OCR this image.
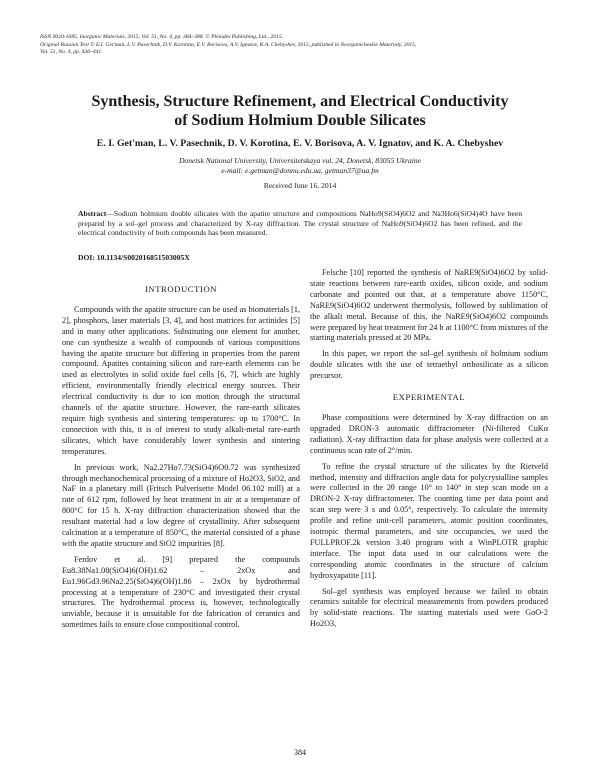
ISSN 0020-1685, Inorganic Materials, 2015, Vol. 51, No. 4, pp. 384–388. © Pleiades Publishing, Ltd., 2015.
Original Russian Text © E.I. Get'man, L.V. Pasechnik, D.V. Korotina, E.V. Borisova, A.V. Ignatov, K.A. Chebyshev, 2015, published in Neorganicheskie Materialy, 2015,
Vol. 51, No. 4, pp. 436–441.
Synthesis, Structure Refinement, and Electrical Conductivity
of Sodium Holmium Double Silicates
E. I. Get'man, L. V. Pasechnik, D. V. Korotina, E. V. Borisova, A. V. Ignatov, and K. A. Chebyshev
Donetsk National University, Universitetskaya vul. 24, Donetsk, 83055 Ukraine
e-mail: e.getman@donnu.edu.ua, getman37@ua.fm
Received June 16, 2014
Abstract—Sodium holmium double silicates with the apatite structure and compositions NaHo9(SiO4)6O2 and Na3Ho6(SiO4)4O have been prepared by a sol–gel process and characterized by X-ray diffraction. The crystal structure of NaHo9(SiO4)6O2 has been refined, and the electrical conductivity of both compounds has been measured.
DOI: 10.1134/S002016851503005X
INTRODUCTION

Compounds with the apatite structure can be used as biomaterials [1, 2], phosphors, laser materials [3, 4], and host matrices for actinides [5] and in many other applications. Substituting one element for another, one can synthesize a wealth of compounds of various compositions having the apatite structure but differing in properties from the parent compound. Apatites containing silicon and rare-earth elements can be used as electrolytes in solid oxide fuel cells [6, 7], which are highly efficient, environmentally friendly electrical energy sources. Their electrical conductivity is due to ion motion through the structural channels of the apatite structure. However, the rare-earth silicates require high synthesis and sintering temperatures: up to 1700°C. In connection with this, it is of interest to study alkali-metal rare-earth silicates, which have considerably lower synthesis and sintering temperatures.

In previous work, Na2.27Ho7.73(SiO4)6O0.72 was synthesized through mechanochemical processing of a mixture of Ho2O3, SiO2, and NaF in a planetary mill (Fritsch Pulverisette Model 06.102 mill) at a rate of 612 rpm, followed by heat treatment in air at a temperature of 800°C for 15 h. X-ray diffraction characterization showed that the resultant material had a low degree of crystallinity. After subsequent calcination at a temperature of 850°C, the material consisted of a phase with the apatite structure and SiO2 impurities [8].

Ferdov et al. [9] prepared the compounds Eu8.38Na1.08(SiO4)6(OH)1.62 – 2xOx and Eu1.96Gd3.96Na2.25(SiO4)6(OH)1.86 – 2xOx by hydrothermal processing at a temperature of 230°C and investigated their crystal structures. The hydrothermal process is, however, technologically unviable, because it is unsuitable for the fabrication of ceramics and sometimes fails to ensure close compositional control.

Felsche [10] reported the synthesis of NaRE9(SiO4)6O2 by solid-state reactions between rare-earth oxides, silicon oxide, and sodium carbonate and pointed out that, at a temperature above 1150°C, NaRE9(SiO4)6O2 underwent thermolysis, followed by sublimation of the alkali metal. Because of this, the NaRE9(SiO4)6O2 compounds were prepared by heat treatment for 24 h at 1100°C from mixtures of the starting materials pressed at 20 MPa.

In this paper, we report the sol–gel synthesis of holmium sodium double silicates with the use of tetraethyl orthosilicate as a silicon precursor.

EXPERIMENTAL

Phase compositions were determined by X-ray diffraction on an upgraded DRON-3 automatic diffractometer (Ni-filtered CuKα radiation). X-ray diffraction data for phase analysis were collected at a continuous scan rate of 2°/min.

To refine the crystal structure of the silicates by the Rietveld method, intensity and diffraction angle data for polycrystalline samples were collected in the 2θ range 10° to 140° in step scan mode on a DRON-2 X-ray diffractometer. The counting time per data point and scan step were 3 s and 0.05°, respectively. To calculate the intensity profile and refine unit-cell parameters, atomic position coordinates, isotropic thermal parameters, and site occupancies, we used the FULLPROF.2k version 3.40 program with a WinPLOTR graphic interface. The input data used in our calculations were the corresponding atomic coordinates in the structure of calcium hydroxyapatite [11].

Sol–gel synthesis was employed because we failed to obtain ceramics suitable for electrical measurements from powders produced by solid-state reactions. The starting materials used were GoO-2 Ho2O3,

384
